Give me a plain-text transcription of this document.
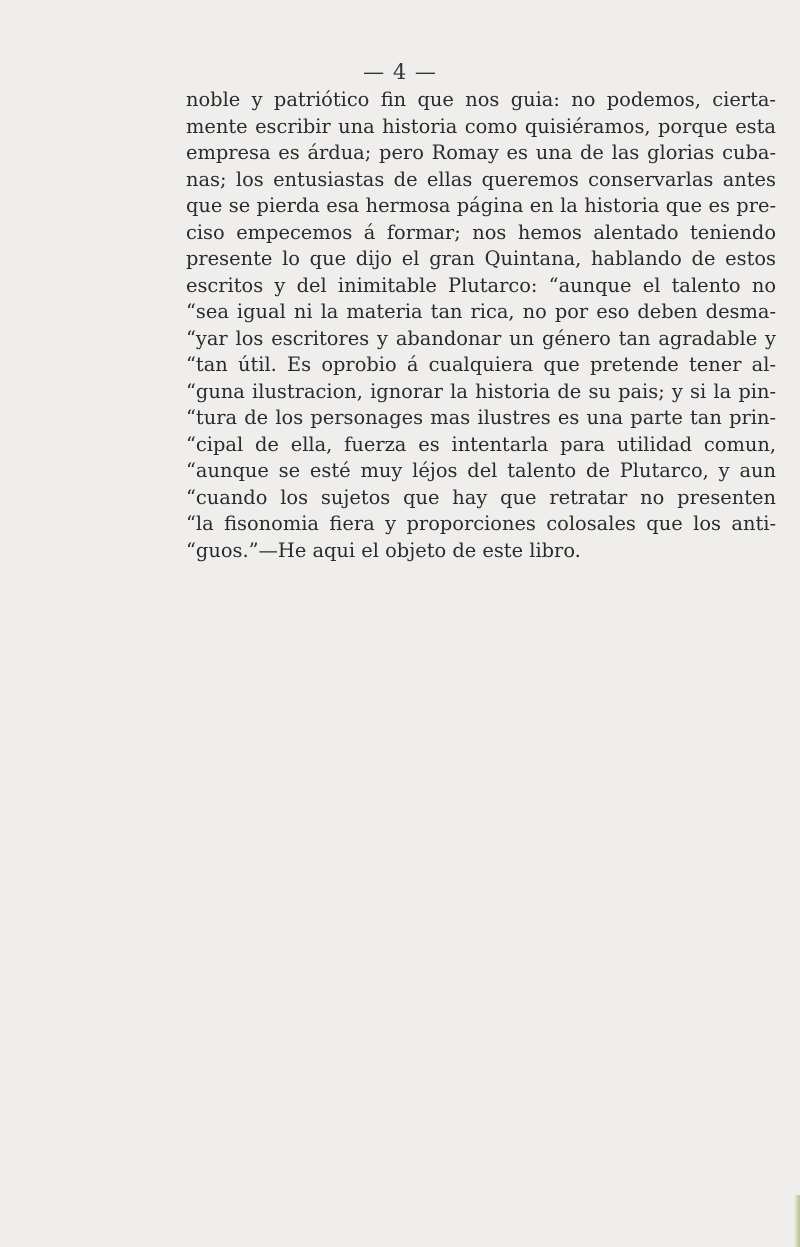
— 4 —
noble y patriótico fin que nos guia: no podemos, cierta-
mente escribir una historia como quisiéramos, porque esta
empresa es árdua; pero Romay es una de las glorias cuba-
nas; los entusiastas de ellas queremos conservarlas antes
que se pierda esa hermosa página en la historia que es pre-
ciso empecemos á formar; nos hemos alentado teniendo
presente lo que dijo el gran Quintana, hablando de estos
escritos y del inimitable Plutarco: “aunque el talento no
“sea igual ni la materia tan rica, no por eso deben desma-
“yar los escritores y abandonar un género tan agradable y
“tan útil. Es oprobio á cualquiera que pretende tener al-
“guna ilustracion, ignorar la historia de su pais; y si la pin-
“tura de los personages mas ilustres es una parte tan prin-
“cipal de ella, fuerza es intentarla para utilidad comun,
“aunque se esté muy léjos del talento de Plutarco, y aun
“cuando los sujetos que hay que retratar no presenten
“la fisonomia fiera y proporciones colosales que los anti-
“guos.”—He aqui el objeto de este libro.
